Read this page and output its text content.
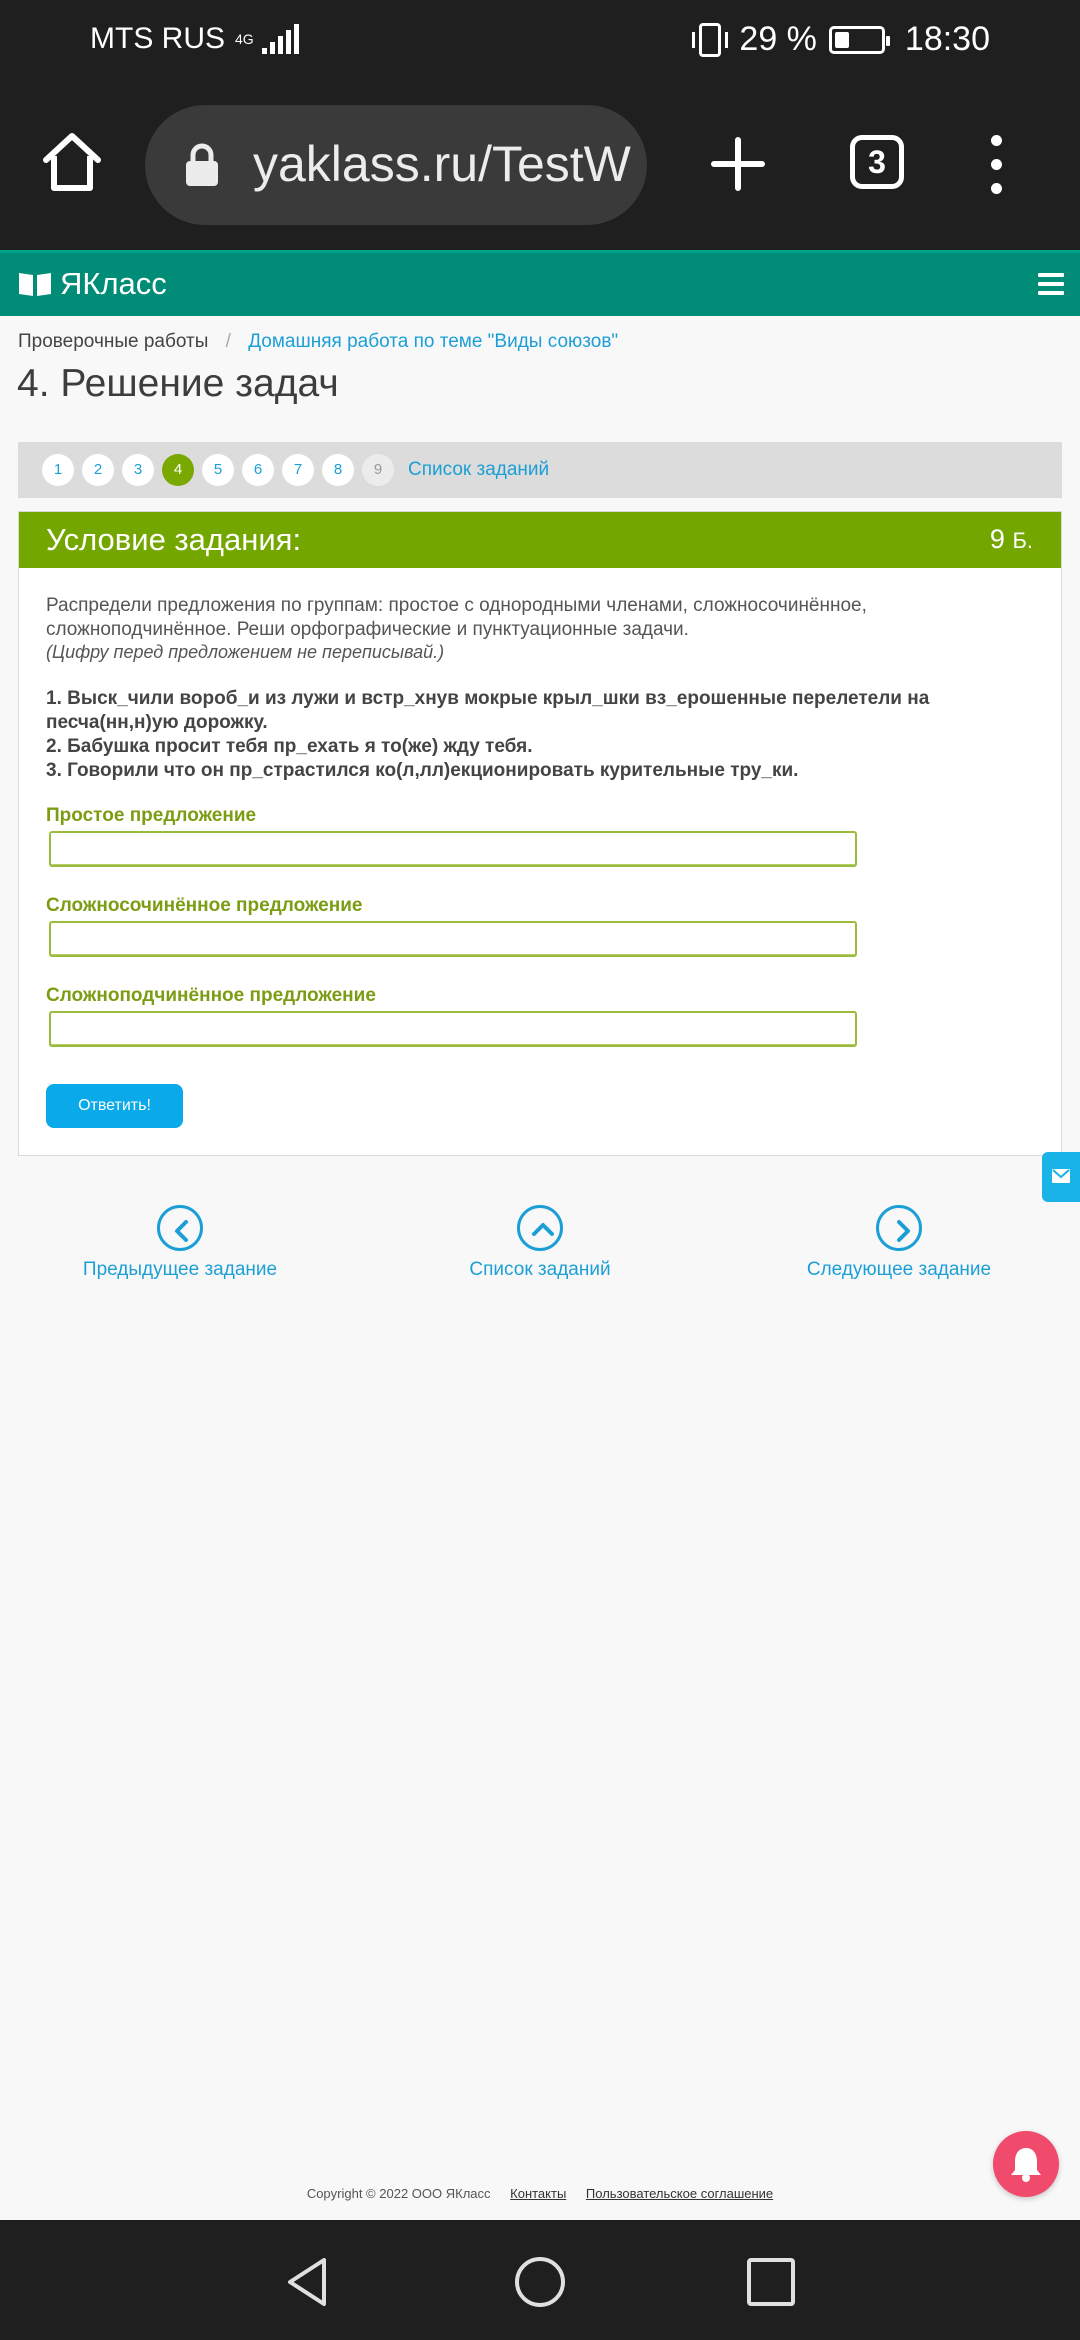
MTS RUS 4G	29 %	18:30
yaklass.ru/TestW	3
ЯКласс
Проверочные работы / Домашняя работа по теме "Виды союзов"
4. Решение задач
1	2	3	4	5	6	7	8	9	Список заданий
Условие задания:	9 Б.

Распредели предложения по группам: простое с однородными членами, сложносочинённое, сложноподчинённое. Реши орфографические и пунктуационные задачи.

(Цифру перед предложением не переписывай.)

1. Выск_чили вороб_и из лужи и встр_хнув мокрые крыл_шки вз_ерошенные перелетели на песча(нн,н)ую дорожку.
2. Бабушка просит тебя пр_ехать я то(же) жду тебя.
3. Говорили что он пр_страстился ко(л,лл)екционировать курительные тру_ки.
Простое предложение
Сложносочинённое предложение
Сложноподчинённое предложение
Ответить!
Предыдущее задание	Список заданий	Следующее задание
Copyright © 2022 ООО ЯКласс Контакты Пользовательское соглашение
